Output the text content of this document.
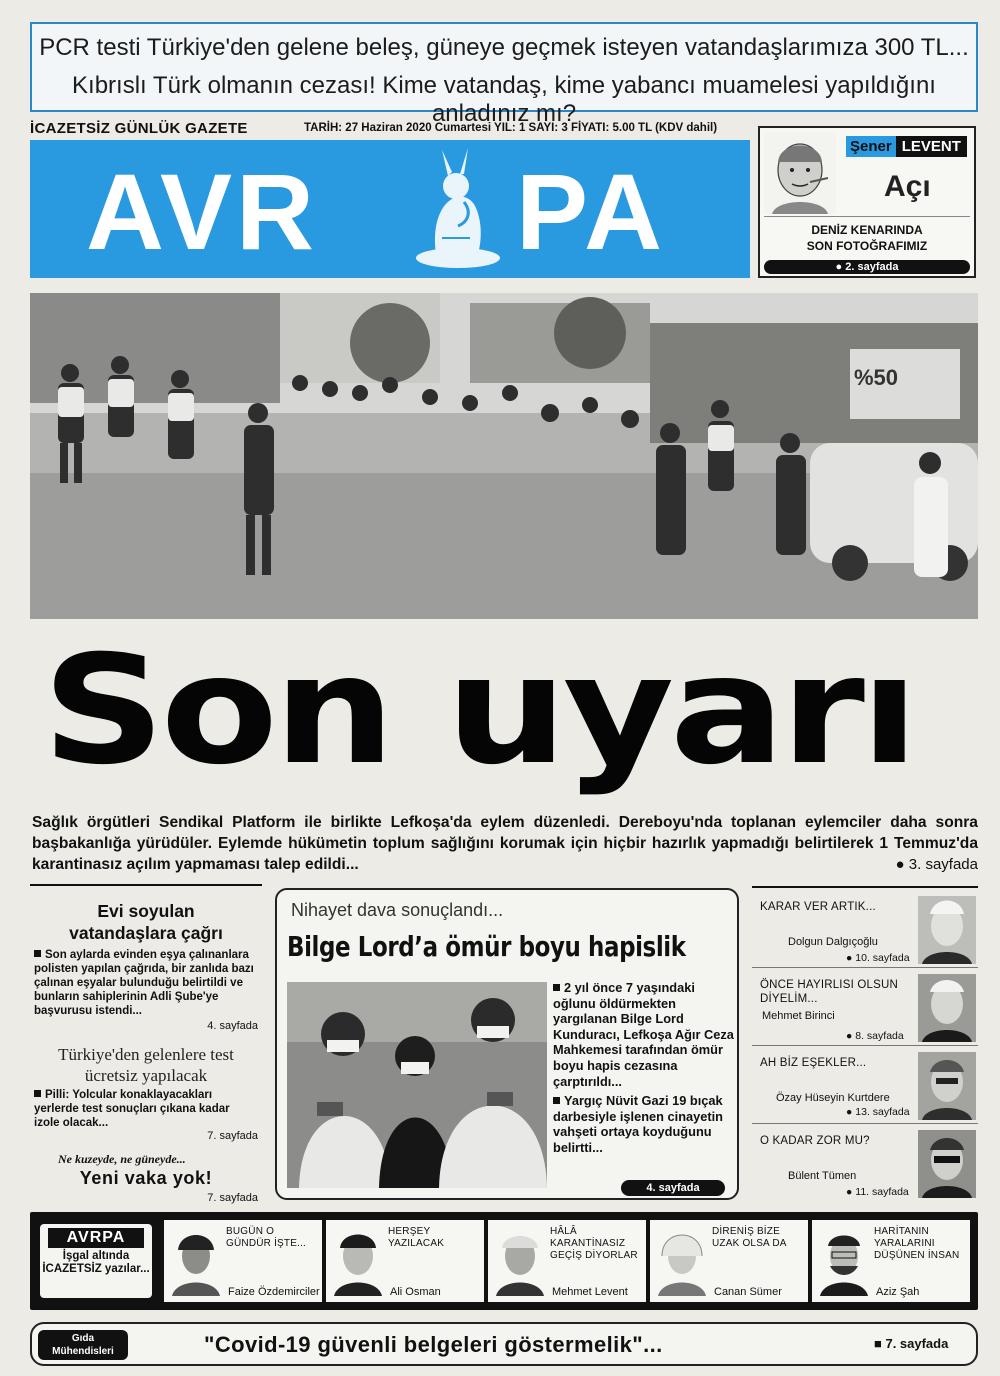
PCR testi Türkiye'den gelene beleş, güneye geçmek isteyen vatandaşlarımıza 300 TL...
Kıbrıslı Türk olmanın cezası! Kime vatandaş, kime yabancı muamelesi yapıldığını anladınız mı?
İCAZETSİZ GÜNLÜK GAZETE	TARİH: 27 Haziran 2020 Cumartesi YIL: 1 SAYI: 3 FİYATI: 5.00 TL (KDV dahil)
AVR PA
Şener LEVENT
Açı
DENİZ KENARINDA
SON FOTOĞRAFIMIZ
● 2. sayfada
%50
Son uyarı
Sağlık örgütleri Sendikal Platform ile birlikte Lefkoşa'da eylem düzenledi. Dereboyu'nda toplanan eylemciler daha sonra başbakanlığa yürüdüler. Eylemde hükümetin toplum sağlığını korumak için hiçbir hazırlık yapmadığı belirtilerek 1 Temmuz'da karantinasız açılım yapmaması talep edildi...	● 3. sayfada
Evi soyulan
vatandaşlara çağrı
Son aylarda evinden eşya çalınanlara polisten yapılan çağrıda, bir zanlıda bazı çalınan eşyalar bulunduğu belirtildi ve bunların sahiplerinin Adli Şube'ye başvurusu istendi...
4. sayfada
Türkiye'den gelenlere test
ücretsiz yapılacak
Pilli: Yolcular konaklayacakları yerlerde test sonuçları çıkana kadar izole olacak...
7. sayfada
Ne kuzeyde, ne güneyde...
Yeni vaka yok!
7. sayfada
Nihayet dava sonuçlandı...
Bilge Lord’a ömür boyu hapislik
2 yıl önce 7 yaşındaki oğlunu öldürmekten yargılanan Bilge Lord Kunduracı, Lefkoşa Ağır Ceza Mahkemesi tarafından ömür boyu hapis cezasına çarptırıldı...
Yargıç Nüvit Gazi 19 bıçak darbesiyle işlenen cinayetin vahşeti ortaya koyduğunu belirtti...
4. sayfada
KARAR VER ARTIK...
Dolgun Dalgıçoğlu
● 10. sayfada
ÖNCE HAYIRLISI OLSUN DİYELİM...
Mehmet Birinci
● 8. sayfada
AH BİZ EŞEKLER...
Özay Hüseyin Kurtdere
● 13. sayfada
O KADAR ZOR MU?
Bülent Tümen
● 11. sayfada
AVRPA
İşgal altında İCAZETSİZ yazılar...
BUGÜN O GÜNDÜR İŞTE...
Faize Özdemirciler
HERŞEY YAZILACAK
Ali Osman
HÂLÂ KARANTİNASIZ GEÇİŞ DİYORLAR
Mehmet Levent
DİRENİŞ BİZE UZAK OLSA DA
Canan Sümer
HARİTANIN YARALARINI DÜŞÜNEN İNSAN
Aziz Şah
Gıda
Mühendisleri	"Covid-19 güvenli belgeleri göstermelik"...	■ 7. sayfada
